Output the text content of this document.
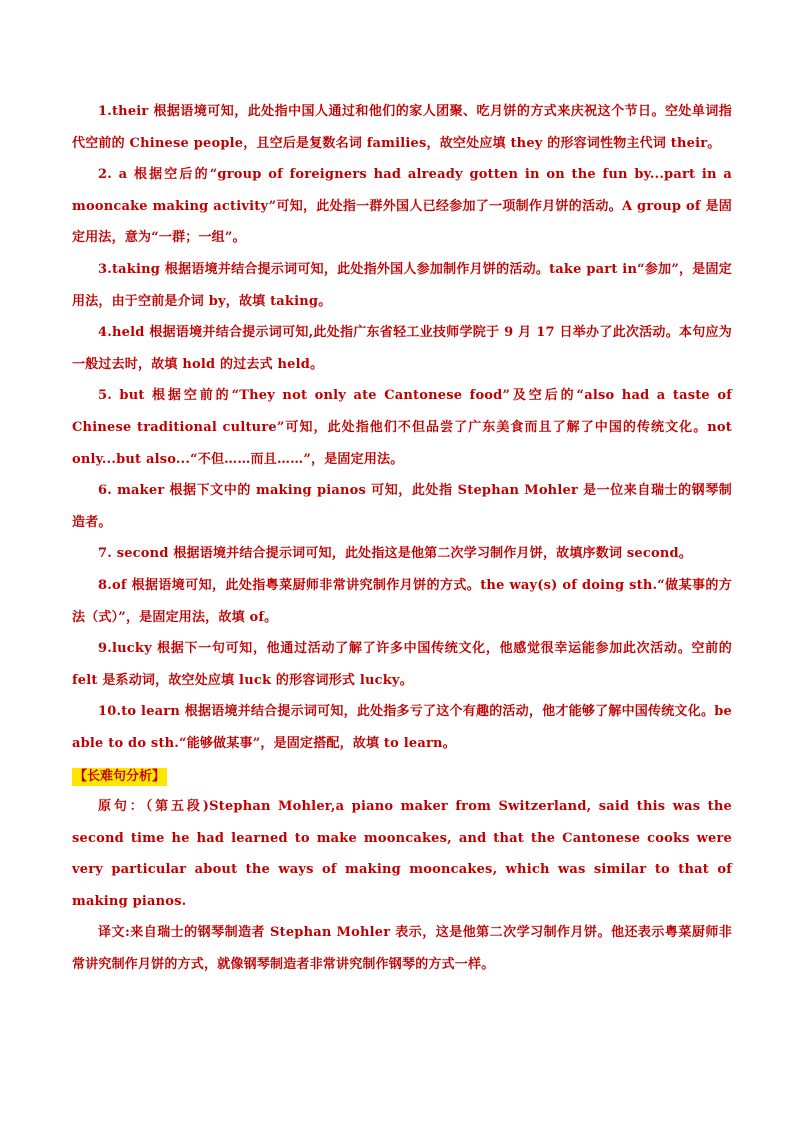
1.their 根据语境可知，此处指中国人通过和他们的家人团聚、吃月饼的方式来庆祝这个节日。空处单词指代空前的 Chinese people，且空后是复数名词 families，故空处应填 they 的形容词性物主代词 their。

2. a 根据空后的“group of foreigners had already gotten in on the fun by...part in a mooncake making activity”可知，此处指一群外国人已经参加了一项制作月饼的活动。A group of 是固定用法，意为“一群；一组”。

3.taking 根据语境并结合提示词可知，此处指外国人参加制作月饼的活动。take part in“参加”，是固定用法，由于空前是介词 by，故填 taking。

4.held 根据语境并结合提示词可知,此处指广东省轻工业技师学院于 9 月 17 日举办了此次活动。本句应为一般过去时，故填 hold 的过去式 held。

5. but 根据空前的“They not only ate Cantonese food”及空后的“also had a taste of Chinese traditional culture”可知，此处指他们不但品尝了广东美食而且了解了中国的传统文化。not only...but also...“不但……而且……”，是固定用法。

6. maker 根据下文中的 making pianos 可知，此处指 Stephan Mohler 是一位来自瑞士的钢琴制造者。

7. second 根据语境并结合提示词可知，此处指这是他第二次学习制作月饼，故填序数词 second。

8.of 根据语境可知，此处指粤菜厨师非常讲究制作月饼的方式。the way(s) of doing sth.“做某事的方法（式）”，是固定用法，故填 of。

9.lucky 根据下一句可知，他通过活动了解了许多中国传统文化，他感觉很幸运能参加此次活动。空前的 felt 是系动词，故空处应填 luck 的形容词形式 lucky。

10.to learn 根据语境并结合提示词可知，此处指多亏了这个有趣的活动，他才能够了解中国传统文化。be able to do sth.“能够做某事”，是固定搭配，故填 to learn。

【长难句分析】

原句：（第五段)Stephan Mohler,a piano maker from Switzerland, said this was the second time he had learned to make mooncakes, and that the Cantonese cooks were very particular about the ways of making mooncakes, which was similar to that of making pianos.

译文:来自瑞士的钢琴制造者 Stephan Mohler 表示，这是他第二次学习制作月饼。他还表示粤菜厨师非常讲究制作月饼的方式，就像钢琴制造者非常讲究制作钢琴的方式一样。
